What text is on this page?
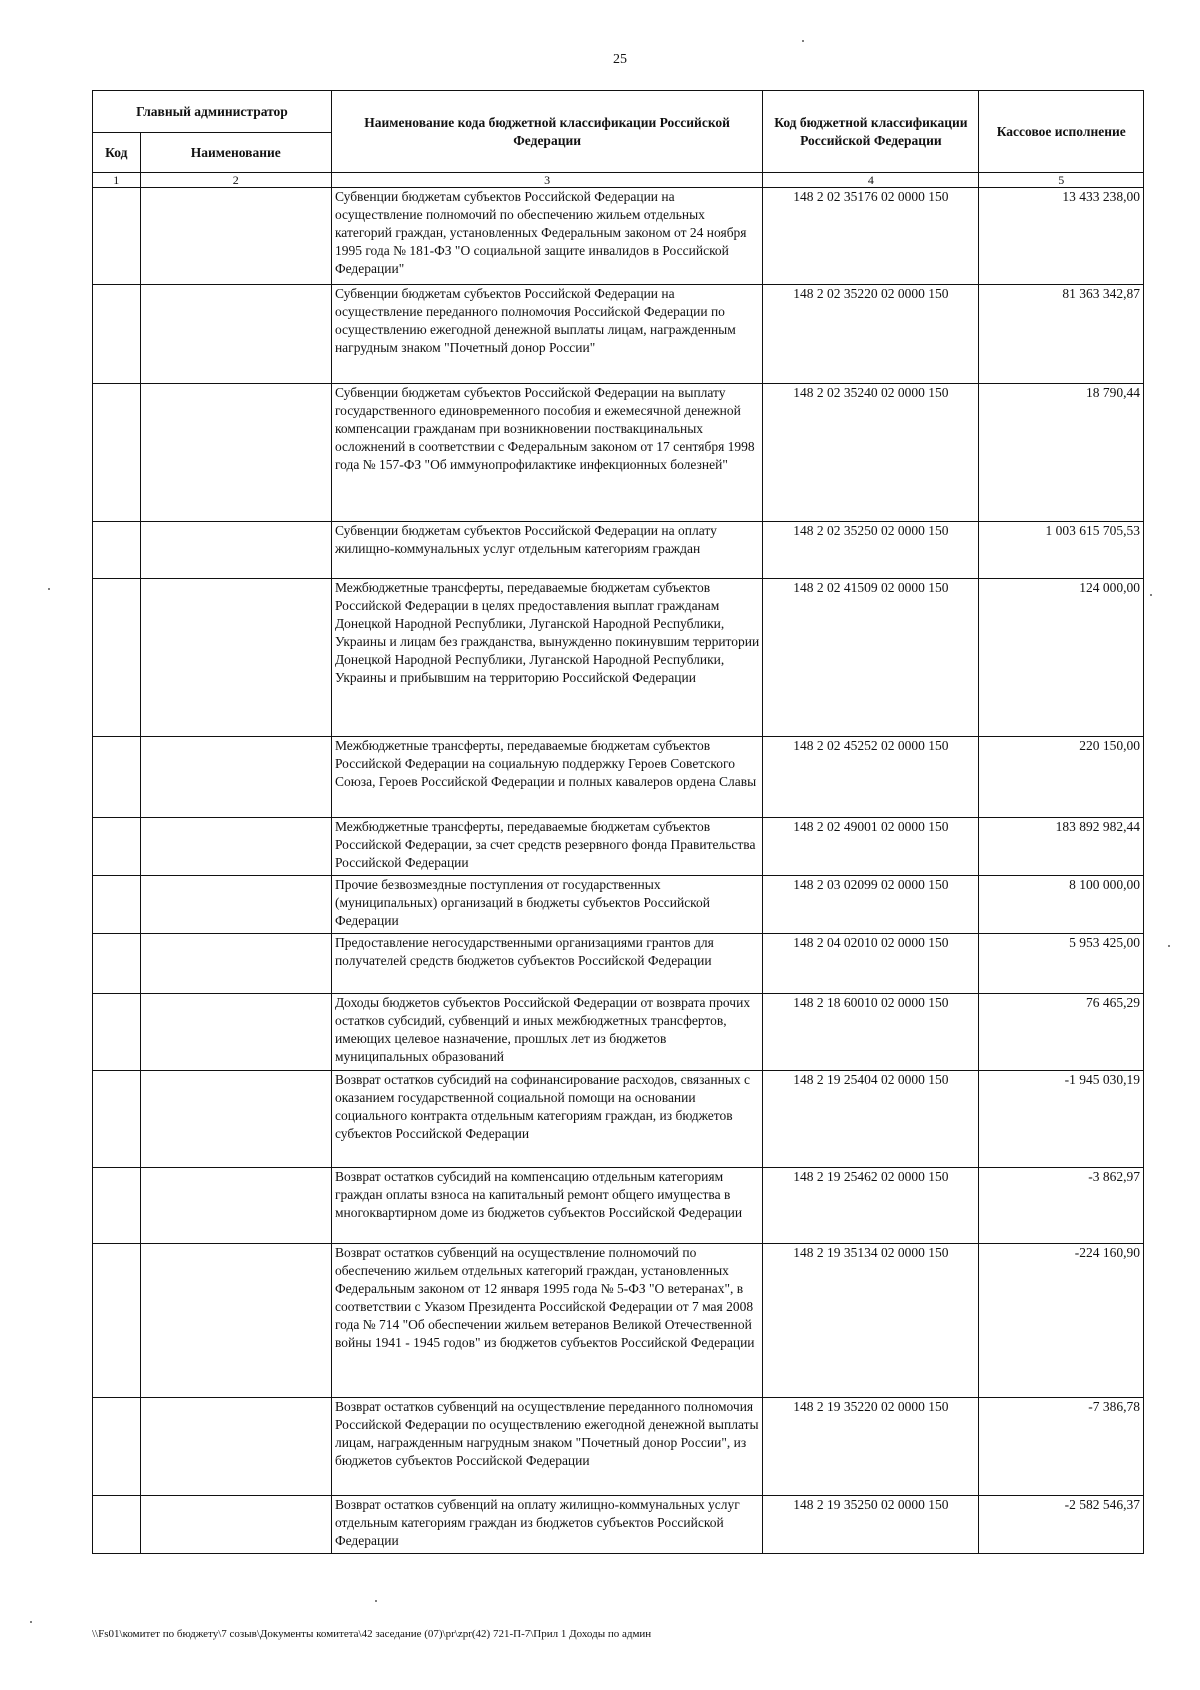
25
Главный администратор		Наименование кода бюджетной классификации Российской Федерации	Код бюджетной классификации Российской Федерации	Кассовое исполнение
Код	Наименование			
1	2	3	4	5
		Субвенции бюджетам субъектов Российской Федерации на осуществление полномочий по обеспечению жильем отдельных категорий граждан, установленных Федеральным законом от 24 ноября 1995 года № 181-ФЗ "О социальной защите инвалидов в Российской Федерации"	148 2 02 35176 02 0000 150	13 433 238,00
		Субвенции бюджетам субъектов Российской Федерации на осуществление переданного полномочия Российской Федерации по осуществлению ежегодной денежной выплаты лицам, награжденным нагрудным знаком "Почетный донор России"	148 2 02 35220 02 0000 150	81 363 342,87
		Субвенции бюджетам субъектов Российской Федерации на выплату государственного единовременного пособия и ежемесячной денежной компенсации гражданам при возникновении поствакцинальных осложнений в соответствии с Федеральным законом от 17 сентября 1998 года № 157-ФЗ "Об иммунопрофилактике инфекционных болезней"	148 2 02 35240 02 0000 150	18 790,44
		Субвенции бюджетам субъектов Российской Федерации на оплату жилищно-коммунальных услуг отдельным категориям граждан	148 2 02 35250 02 0000 150	1 003 615 705,53
		Межбюджетные трансферты, передаваемые бюджетам субъектов Российской Федерации в целях предоставления выплат гражданам Донецкой Народной Республики, Луганской Народной Республики, Украины и лицам без гражданства, вынужденно покинувшим территории Донецкой Народной Республики, Луганской Народной Республики, Украины и прибывшим на территорию Российской Федерации	148 2 02 41509 02 0000 150	124 000,00
		Межбюджетные трансферты, передаваемые бюджетам субъектов Российской Федерации на социальную поддержку Героев Советского Союза, Героев Российской Федерации и полных кавалеров ордена Славы	148 2 02 45252 02 0000 150	220 150,00
		Межбюджетные трансферты, передаваемые бюджетам субъектов Российской Федерации, за счет средств резервного фонда Правительства Российской Федерации	148 2 02 49001 02 0000 150	183 892 982,44
		Прочие безвозмездные поступления от государственных (муниципальных) организаций в бюджеты субъектов Российской Федерации	148 2 03 02099 02 0000 150	8 100 000,00
		Предоставление негосударственными организациями грантов для получателей средств бюджетов субъектов Российской Федерации	148 2 04 02010 02 0000 150	5 953 425,00
		Доходы бюджетов субъектов Российской Федерации от возврата прочих остатков субсидий, субвенций и иных межбюджетных трансфертов, имеющих целевое назначение, прошлых лет из бюджетов муниципальных образований	148 2 18 60010 02 0000 150	76 465,29
		Возврат остатков субсидий на софинансирование расходов, связанных с оказанием государственной социальной помощи на основании социального контракта отдельным категориям граждан, из бюджетов субъектов Российской Федерации	148 2 19 25404 02 0000 150	-1 945 030,19
		Возврат остатков субсидий на компенсацию отдельным категориям граждан оплаты взноса на капитальный ремонт общего имущества в многоквартирном доме из бюджетов субъектов Российской Федерации	148 2 19 25462 02 0000 150	-3 862,97
		Возврат остатков субвенций на осуществление полномочий по обеспечению жильем отдельных категорий граждан, установленных Федеральным законом от 12 января 1995 года № 5-ФЗ "О ветеранах", в соответствии с Указом Президента Российской Федерации от 7 мая 2008 года № 714 "Об обеспечении жильем ветеранов Великой Отечественной войны 1941 - 1945 годов" из бюджетов субъектов Российской Федерации	148 2 19 35134 02 0000 150	-224 160,90
		Возврат остатков субвенций на осуществление переданного полномочия Российской Федерации по осуществлению ежегодной денежной выплаты лицам, награжденным нагрудным знаком "Почетный донор России", из бюджетов субъектов Российской Федерации	148 2 19 35220 02 0000 150	-7 386,78
		Возврат остатков субвенций на оплату жилищно-коммунальных услуг отдельным категориям граждан из бюджетов субъектов Российской Федерации	148 2 19 35250 02 0000 150	-2 582 546,37
\\Fs01\комитет по бюджету\7 созыв\Документы комитета\42 заседание (07)\pr\zpr(42) 721-П-7\Прил 1 Доходы по админ
